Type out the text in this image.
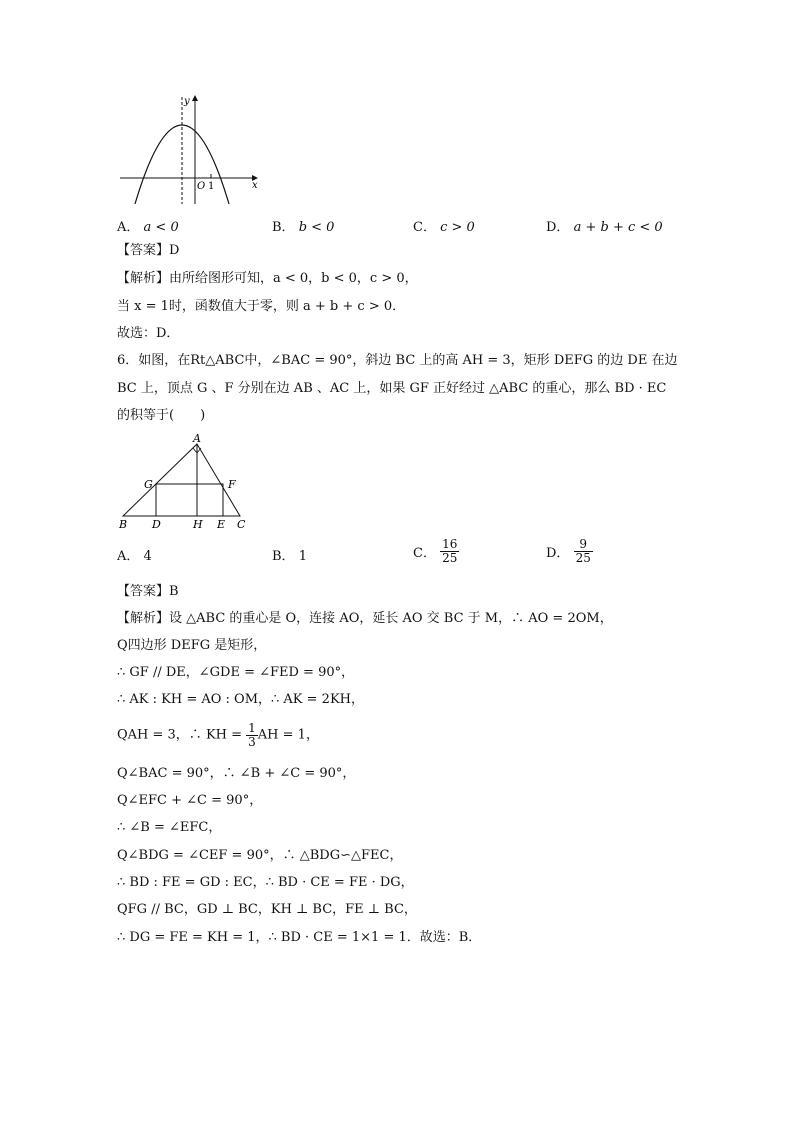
y
x
O 1
A． a < 0	B． b < 0	C． c > 0	D． a + b + c < 0
【答案】D
【解析】由所给图形可知，a < 0，b < 0，c > 0，
当 x = 1时，函数值大于零，则 a + b + c > 0．
故选：D．
6．如图，在Rt△ABC中，∠BAC = 90°，斜边 BC 上的高 AH = 3，矩形 DEFG 的边 DE 在边
BC 上，顶点 G 、F 分别在边 AB 、AC 上，如果 GF 正好经过 △ABC 的重心，那么 BD · EC
的积等于(　　)
A
B	C
D	H E
G	F
A． 4	B． 1	C． $\frac{16}{25}$	D． $\frac{9}{25}$
【答案】B
【解析】设 △ABC 的重心是 O，连接 AO，延长 AO 交 BC 于 M，∴ AO = 2OM，
Q四边形 DEFG 是矩形，
∴ GF // DE，∠GDE = ∠FED = 90°，
∴ AK : KH = AO : OM，∴ AK = 2KH，
QAH = 3，∴ KH = $\frac{1}{3}$ AH = 1，
Q∠BAC = 90°，∴ ∠B + ∠C = 90°，
Q∠EFC + ∠C = 90°，
∴ ∠B = ∠EFC，
Q∠BDG = ∠CEF = 90°，∴ △BDG∽△FEC，
∴ BD : FE = GD : EC，∴ BD · CE = FE · DG，
QFG // BC，GD ⊥ BC，KH ⊥ BC，FE ⊥ BC，
∴ DG = FE = KH = 1，∴ BD · CE = 1×1 = 1．故选：B．
